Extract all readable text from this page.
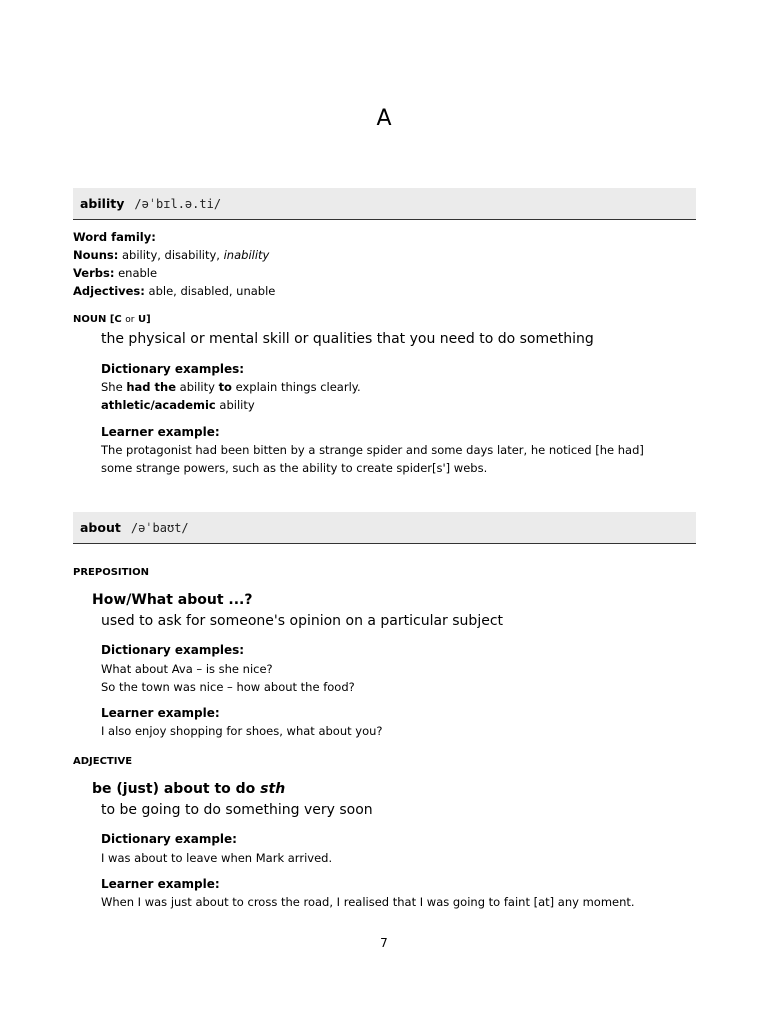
A
ability /əˈbɪl.ə.ti/
Word family:
Nouns: ability, disability, inability
Verbs: enable
Adjectives: able, disabled, unable
NOUN [C or U]
the physical or mental skill or qualities that you need to do something
Dictionary examples:
She had the ability to explain things clearly.
athletic/academic ability
Learner example:
The protagonist had been bitten by a strange spider and some days later, he noticed [he had]
some strange powers, such as the ability to create spider[s'] webs.
about /əˈbaʊt/
PREPOSITION
How/What about ...?
used to ask for someone's opinion on a particular subject
Dictionary examples:
What about Ava – is she nice?
So the town was nice – how about the food?
Learner example:
I also enjoy shopping for shoes, what about you?
ADJECTIVE
be (just) about to do sth
to be going to do something very soon
Dictionary example:
I was about to leave when Mark arrived.
Learner example:
When I was just about to cross the road, I realised that I was going to faint [at] any moment.
7
